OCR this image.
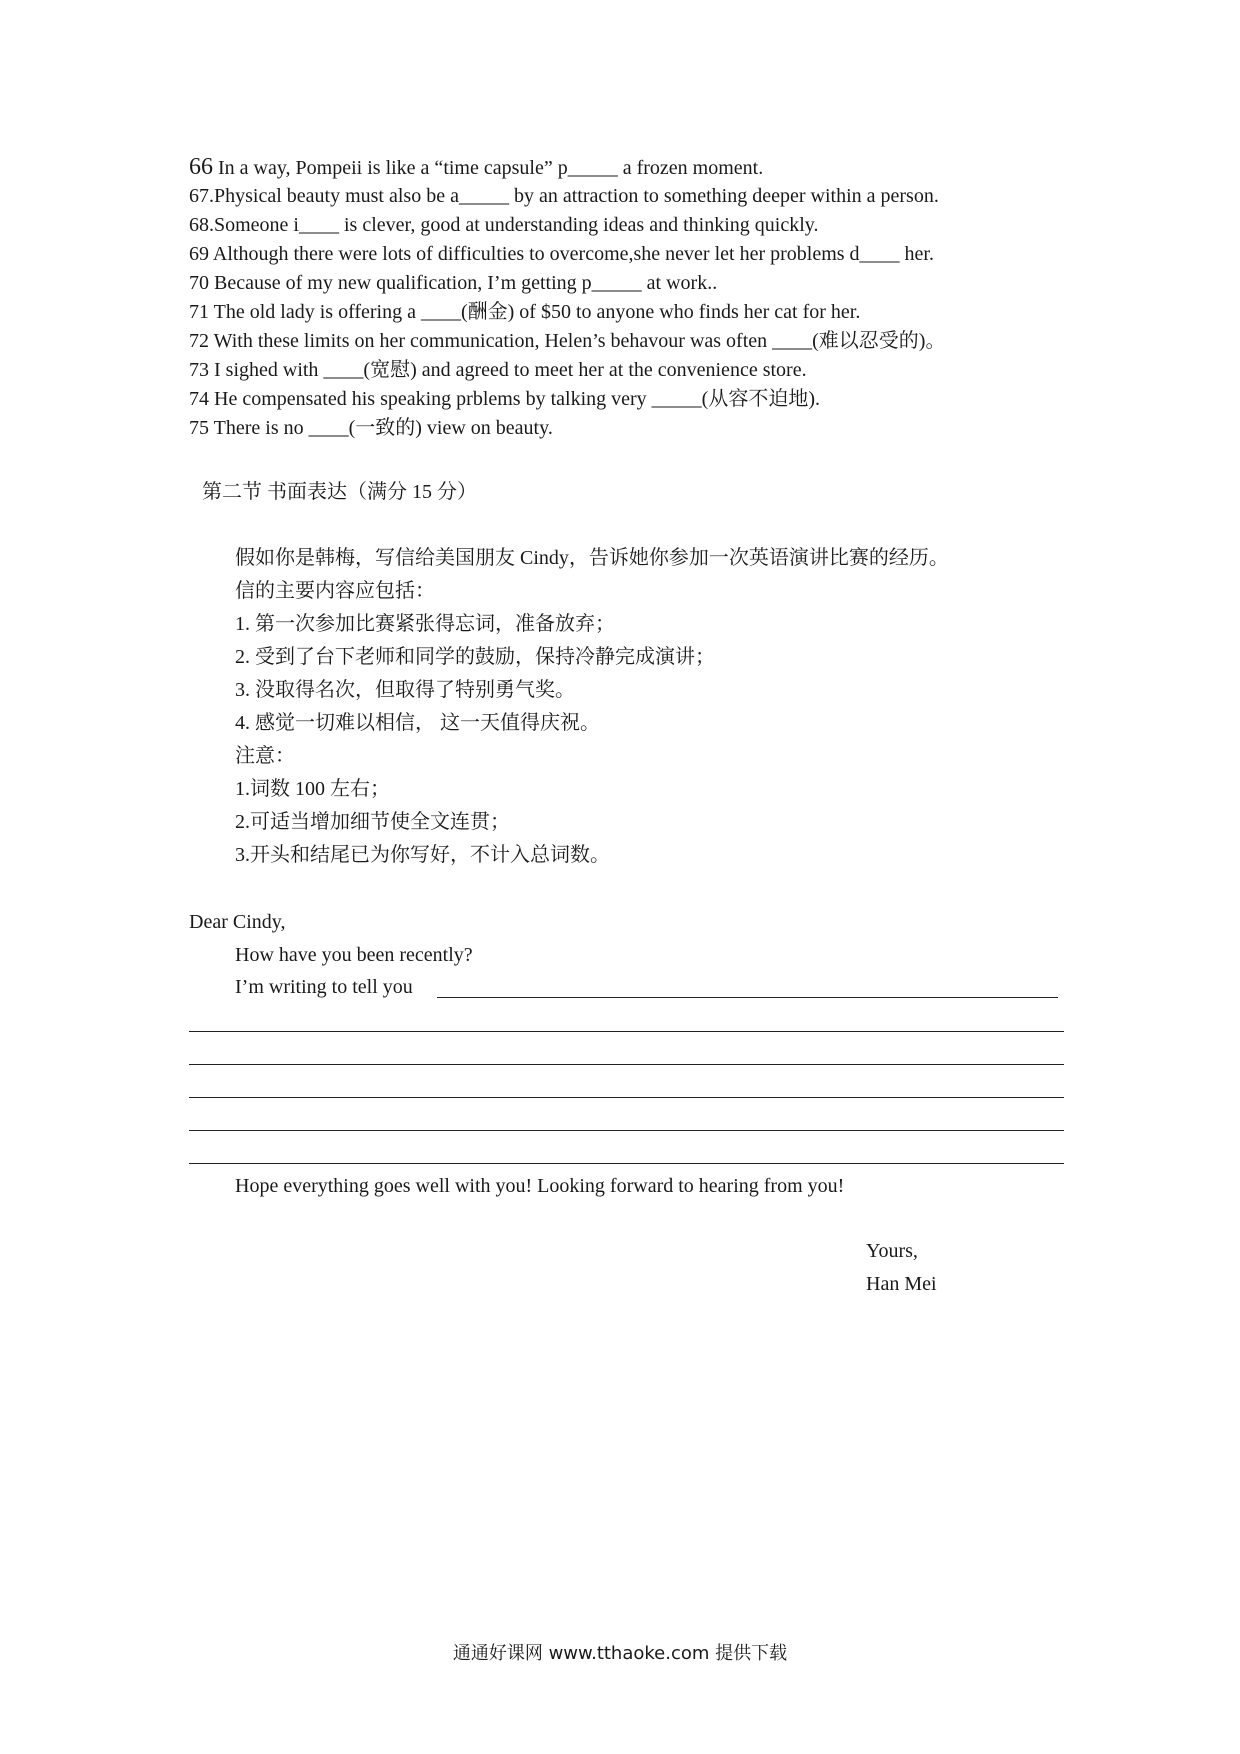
66 In a way, Pompeii is like a “time capsule” p_____ a frozen moment.
67.Physical beauty must also be a_____ by an attraction to something deeper within a person.
68.Someone i____ is clever, good at understanding ideas and thinking quickly.
69 Although there were lots of difficulties to overcome,she never let her problems d____ her.
70 Because of my new qualification, I’m getting p_____ at work..
71 The old lady is offering a ____(酬金) of $50 to anyone who finds her cat for her.
72 With these limits on her communication, Helen’s behavour was often ____(难以忍受的)。
73 I sighed with ____(宽慰) and agreed to meet her at the convenience store.
74 He compensated his speaking prblems by talking very _____(从容不迫地).
75 There is no ____(一致的) view on beauty.
第二节 书面表达（满分 15 分）
假如你是韩梅，写信给美国朋友 Cindy，告诉她你参加一次英语演讲比赛的经历。
信的主要内容应包括：
1. 第一次参加比赛紧张得忘词，准备放弃；
2. 受到了台下老师和同学的鼓励，保持冷静完成演讲；
3. 没取得名次，但取得了特别勇气奖。
4. 感觉一切难以相信， 这一天值得庆祝。
注意：
1.词数 100 左右；
2.可适当增加细节使全文连贯；
3.开头和结尾已为你写好，不计入总词数。
Dear Cindy,
How have you been recently?
I’m writing to tell you
Hope everything goes well with you! Looking forward to hearing from you!
Yours,
Han Mei
通通好课网 www.tthaoke.com 提供下载
